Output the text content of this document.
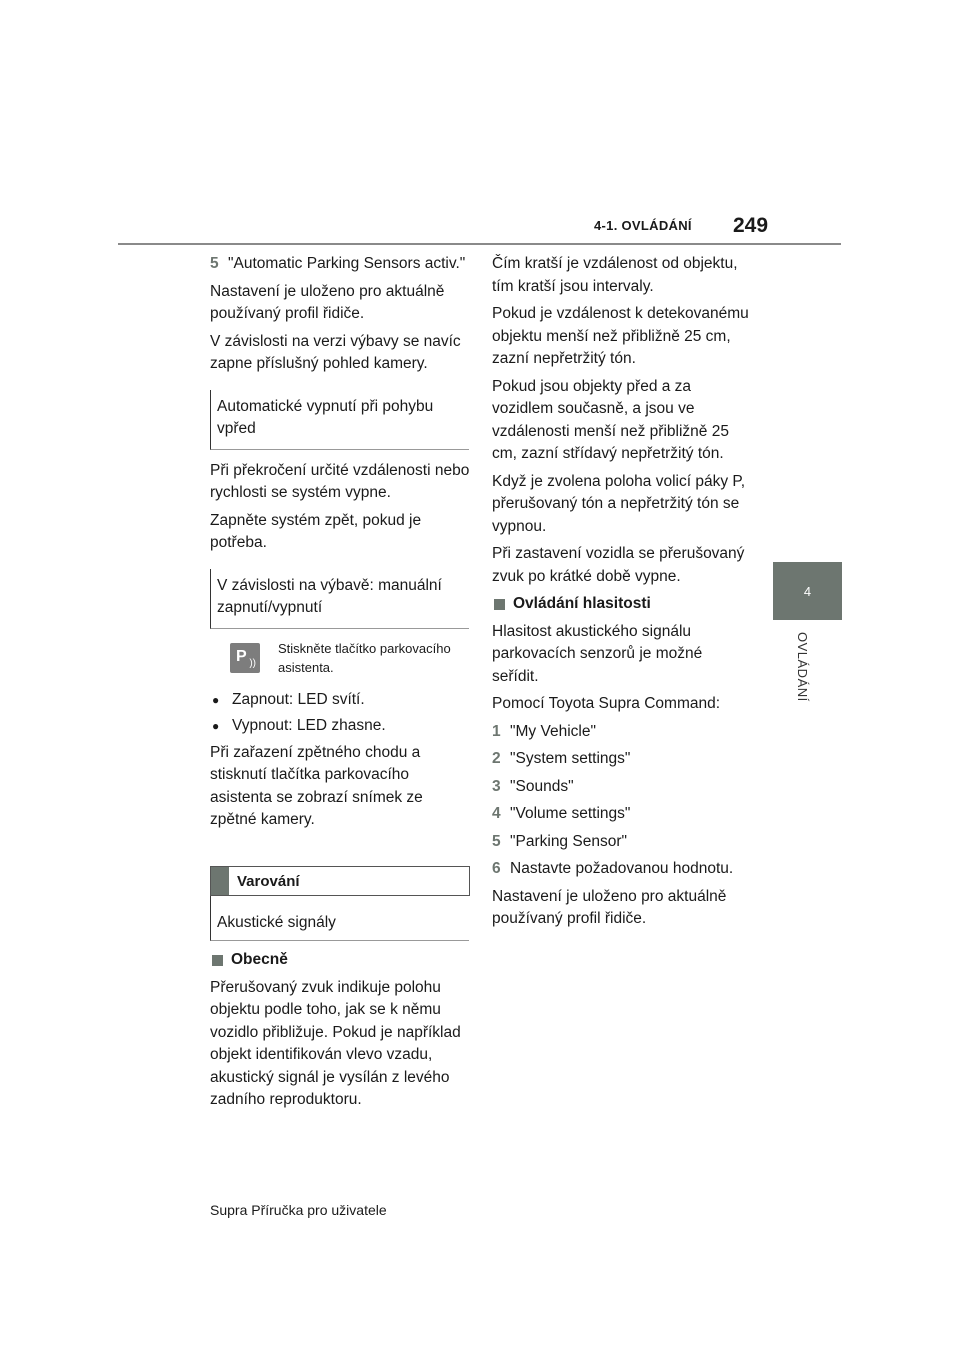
4-1. OVLÁDÁNÍ 249
4
OVLÁDÁNÍ
5 "Automatic Parking Sensors activ."

Nastavení je uloženo pro aktuálně používaný profil řidiče.

V závislosti na verzi výbavy se navíc zapne příslušný pohled kamery.

Automatické vypnutí při pohybu vpřed

Při překročení určité vzdálenosti nebo rychlosti se systém vypne.

Zapněte systém zpět, pokud je potřeba.

V závislosti na výbavě: manuální zapnutí/vypnutí
P ))
Stiskněte tlačítko parkovacího asistenta.
● Zapnout: LED svítí.
● Vypnout: LED zhasne.

Při zařazení zpětného chodu a stisknutí tlačítka parkovacího asistenta se zobrazí snímek ze zpětné kamery.

Varování
Akustické signály
Obecně

Přerušovaný zvuk indikuje polohu objektu podle toho, jak se k němu vozidlo přibližuje. Pokud je například objekt identifikován vlevo vzadu, akustický signál je vysílán z levého zadního reproduktoru.

Čím kratší je vzdálenost od objektu, tím kratší jsou intervaly.

Pokud je vzdálenost k detekovanému objektu menší než přibližně 25 cm, zazní nepřetržitý tón.

Pokud jsou objekty před a za vozidlem současně, a jsou ve vzdálenosti menší než přibližně 25 cm, zazní střídavý nepřetržitý tón.

Když je zvolena poloha volicí páky P, přerušovaný tón a nepřetržitý tón se vypnou.

Při zastavení vozidla se přerušovaný zvuk po krátké době vypne.

Ovládání hlasitosti

Hlasitost akustického signálu parkovacích senzorů je možné seřídit.

Pomocí Toyota Supra Command:

1 "My Vehicle"
2 "System settings"
3 "Sounds"
4 "Volume settings"
5 "Parking Sensor"
6 Nastavte požadovanou hodnotu.

Nastavení je uloženo pro aktuálně používaný profil řidiče.

Supra Příručka pro uživatele
